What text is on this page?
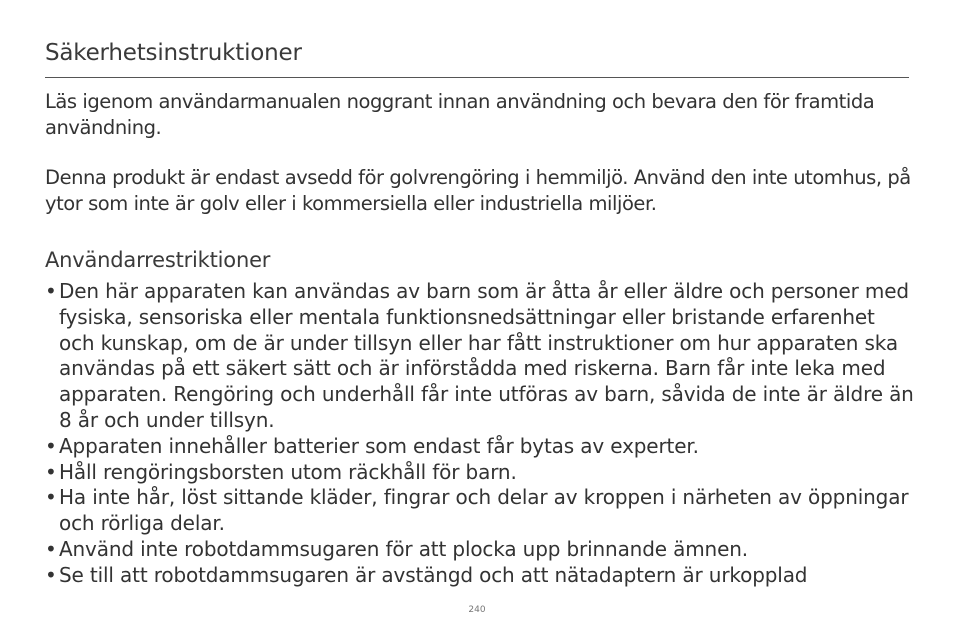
Säkerhetsinstruktioner

Läs igenom användarmanualen noggrant innan användning och bevara den för framtida användning.

Denna produkt är endast avsedd för golvrengöring i hemmiljö. Använd den inte utomhus, på ytor som inte är golv eller i kommersiella eller industriella miljöer.

Användarrestriktioner
• Den här apparaten kan användas av barn som är åtta år eller äldre och personer med fysiska, sensoriska eller mentala funktionsnedsättningar eller bristande erfarenhet och kunskap, om de är under tillsyn eller har fått instruktioner om hur apparaten ska användas på ett säkert sätt och är införstådda med riskerna. Barn får inte leka med apparaten. Rengöring och underhåll får inte utföras av barn, såvida de inte är äldre än 8 år och under tillsyn.
• Apparaten innehåller batterier som endast får bytas av experter.
• Håll rengöringsborsten utom räckhåll för barn.
• Ha inte hår, löst sittande kläder, fingrar och delar av kroppen i närheten av öppningar och rörliga delar.
• Använd inte robotdammsugaren för att plocka upp brinnande ämnen.
• Se till att robotdammsugaren är avstängd och att nätadaptern är urkopplad
240
